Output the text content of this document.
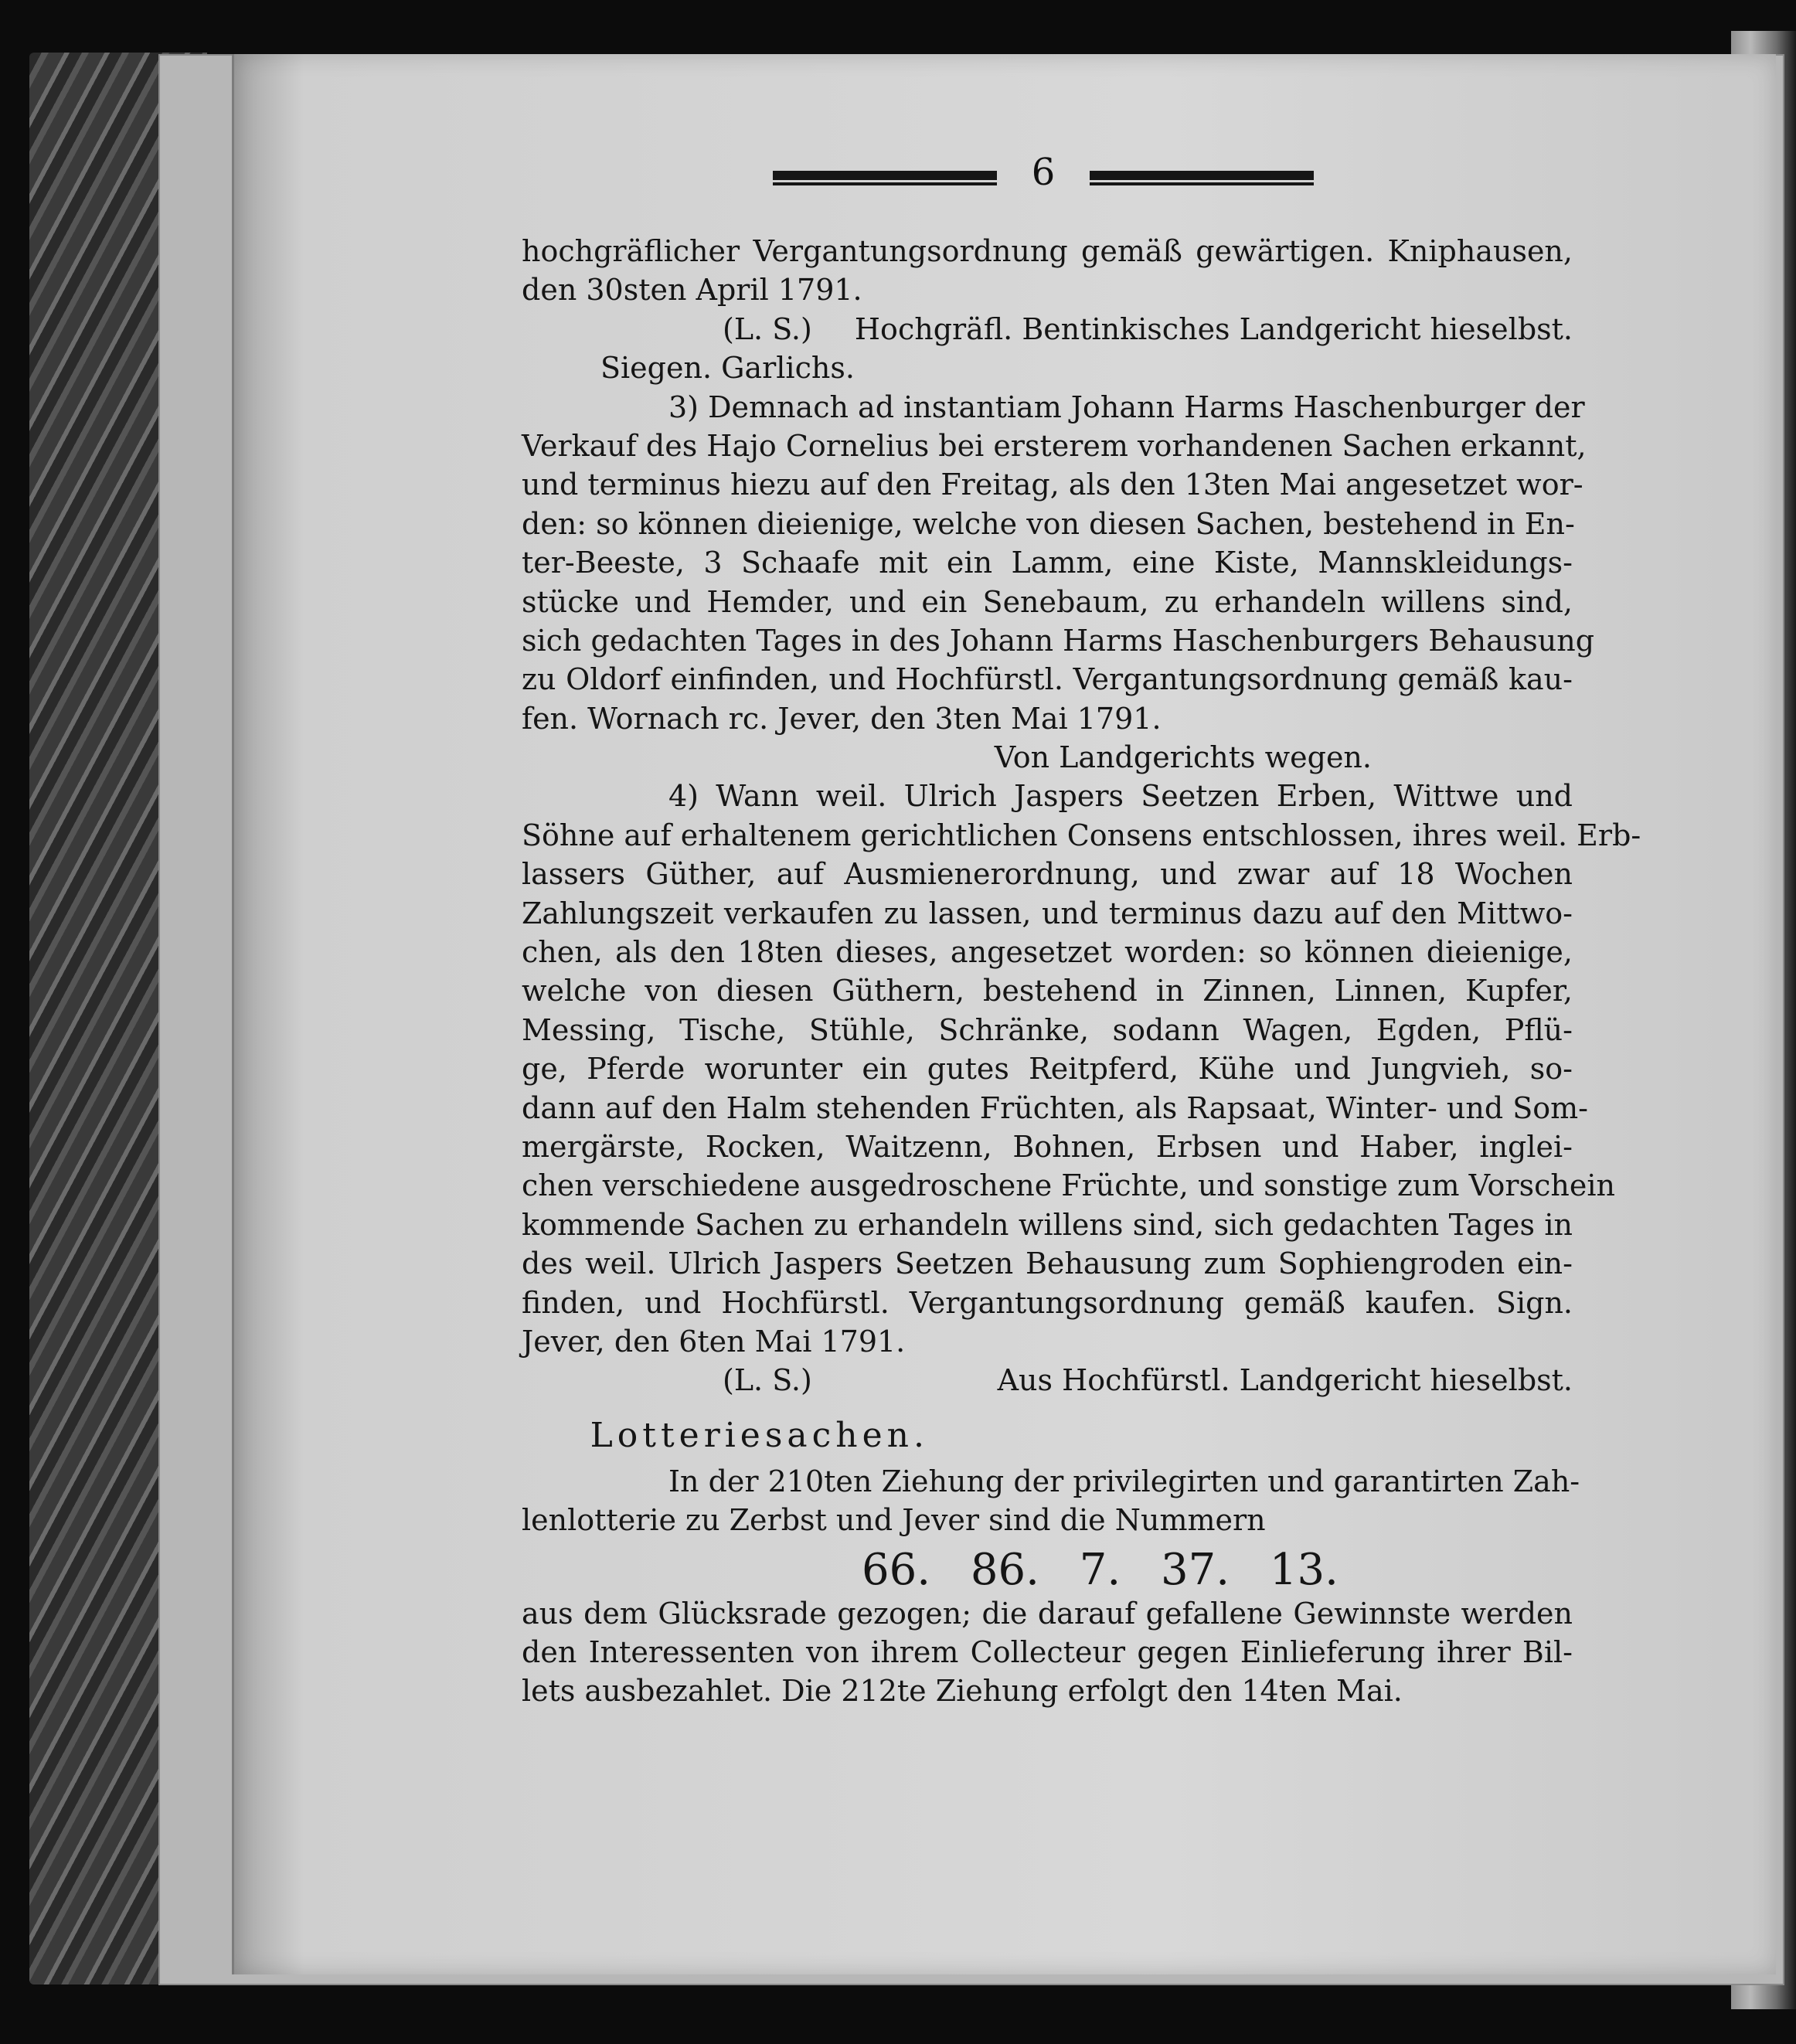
6
hochgräflicher Vergantungsordnung gemäß gewärtigen. Kniphausen,
den 30sten April 1791.
(L. S.) Hochgräfl. Bentinkisches Landgericht hieselbst.
Siegen. Garlichs.
3) Demnach ad instantiam Johann Harms Haschenburger der
Verkauf des Hajo Cornelius bei ersterem vorhandenen Sachen erkannt,
und terminus hiezu auf den Freitag, als den 13ten Mai angesetzet wor-
den: so können dieienige, welche von diesen Sachen, bestehend in En-
ter-Beeste, 3 Schaafe mit ein Lamm, eine Kiste, Mannskleidungs-
stücke und Hemder, und ein Senebaum, zu erhandeln willens sind,
sich gedachten Tages in des Johann Harms Haschenburgers Behausung
zu Oldorf einfinden, und Hochfürstl. Vergantungsordnung gemäß kau-
fen. Wornach rc. Jever, den 3ten Mai 1791.
Von Landgerichts wegen.
4) Wann weil. Ulrich Jaspers Seetzen Erben, Wittwe und
Söhne auf erhaltenem gerichtlichen Consens entschlossen, ihres weil. Erb-
lassers Güther, auf Ausmienerordnung, und zwar auf 18 Wochen
Zahlungszeit verkaufen zu lassen, und terminus dazu auf den Mittwo-
chen, als den 18ten dieses, angesetzet worden: so können dieienige,
welche von diesen Güthern, bestehend in Zinnen, Linnen, Kupfer,
Messing, Tische, Stühle, Schränke, sodann Wagen, Egden, Pflü-
ge, Pferde worunter ein gutes Reitpferd, Kühe und Jungvieh, so-
dann auf den Halm stehenden Früchten, als Rapsaat, Winter- und Som-
mergärste, Rocken, Waitzenn, Bohnen, Erbsen und Haber, inglei-
chen verschiedene ausgedroschene Früchte, und sonstige zum Vorschein
kommende Sachen zu erhandeln willens sind, sich gedachten Tages in
des weil. Ulrich Jaspers Seetzen Behausung zum Sophiengroden ein-
finden, und Hochfürstl. Vergantungsordnung gemäß kaufen. Sign.
Jever, den 6ten Mai 1791.
(L. S.)	Aus Hochfürstl. Landgericht hieselbst.
Lotteriesachen.
In der 210ten Ziehung der privilegirten und garantirten Zah-
lenlotterie zu Zerbst und Jever sind die Nummern
66. 86. 7. 37. 13.
aus dem Glücksrade gezogen; die darauf gefallene Gewinnste werden
den Interessenten von ihrem Collecteur gegen Einlieferung ihrer Bil-
lets ausbezahlet. Die 212te Ziehung erfolgt den 14ten Mai.
